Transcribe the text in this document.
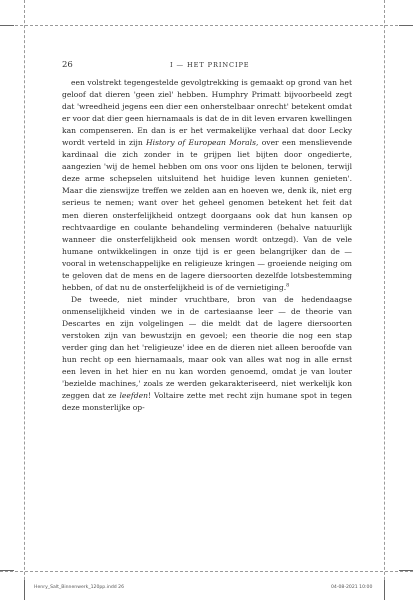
26	I — HET PRINCIPE

een volstrekt tegengestelde gevolgtrekking is gemaakt op grond van het geloof dat dieren 'geen ziel' hebben. Humphry Primatt bijvoorbeeld zegt dat 'wreedheid jegens een dier een onherstelbaar onrecht' betekent omdat er voor dat dier geen hiernamaals is dat de in dit leven ervaren kwellingen kan compenseren. En dan is er het vermakelijke verhaal dat door Lecky wordt verteld in zijn History of European Morals, over een menslievende kardinaal die zich zonder in te grijpen liet bijten door ongedierte, aangezien 'wij de hemel hebben om ons voor ons lijden te belonen, terwijl deze arme schepselen uitsluitend het huidige leven kunnen genieten'. Maar die zienswijze treffen we zelden aan en hoeven we, denk ik, niet erg serieus te nemen; want over het geheel genomen betekent het feit dat men dieren onsterfelijkheid ontzegt doorgaans ook dat hun kansen op rechtvaardige en coulante behandeling verminderen (behalve natuurlijk wanneer die onsterfelijkheid ook mensen wordt ontzegd). Van de vele humane ontwikkelingen in onze tijd is er geen belangrijker dan de — vooral in wetenschappelijke en religieuze kringen — groeiende neiging om te geloven dat de mens en de lagere diersoorten dezelfde lotsbestemming hebben, of dat nu de onsterfelijkheid is of de vernietiging.$^8$

De tweede, niet minder vruchtbare, bron van de hedendaagse onmenselijkheid vinden we in de cartesiaanse leer — de theorie van Descartes en zijn volgelingen — die meldt dat de lagere diersoorten verstoken zijn van bewustzijn en gevoel; een theorie die nog een stap verder ging dan het 'religieuze' idee en de dieren niet alleen beroofde van hun recht op een hiernamaals, maar ook van alles wat nog in alle ernst een leven in het hier en nu kan worden genoemd, omdat je van louter 'bezielde machines,' zoals ze werden gekarakteriseerd, niet werkelijk kon zeggen dat ze leefden! Voltaire zette met recht zijn humane spot in tegen deze monsterlijke op-

Henry_Salt_Binnenwerk_120pp.indd 26	04-08-2021 10:00
